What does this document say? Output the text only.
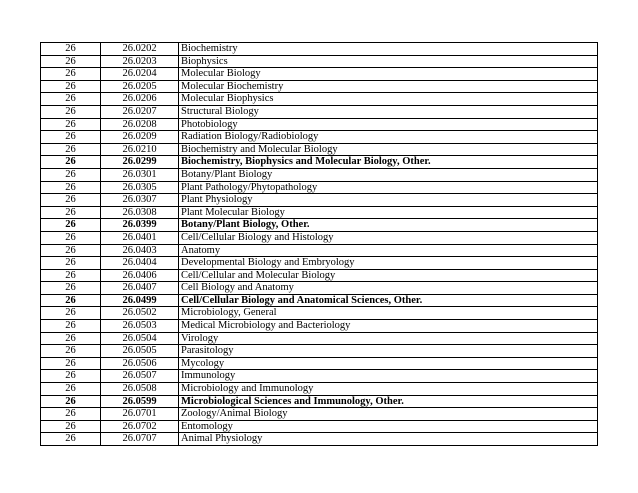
26	26.0202	Biochemistry
26	26.0203	Biophysics
26	26.0204	Molecular Biology
26	26.0205	Molecular Biochemistry
26	26.0206	Molecular Biophysics
26	26.0207	Structural Biology
26	26.0208	Photobiology
26	26.0209	Radiation Biology/Radiobiology
26	26.0210	Biochemistry and Molecular Biology
26	26.0299	Biochemistry, Biophysics and Molecular Biology, Other.
26	26.0301	Botany/Plant Biology
26	26.0305	Plant Pathology/Phytopathology
26	26.0307	Plant Physiology
26	26.0308	Plant Molecular Biology
26	26.0399	Botany/Plant Biology, Other.
26	26.0401	Cell/Cellular Biology and Histology
26	26.0403	Anatomy
26	26.0404	Developmental Biology and Embryology
26	26.0406	Cell/Cellular and Molecular Biology
26	26.0407	Cell Biology and Anatomy
26	26.0499	Cell/Cellular Biology and Anatomical Sciences, Other.
26	26.0502	Microbiology, General
26	26.0503	Medical Microbiology and Bacteriology
26	26.0504	Virology
26	26.0505	Parasitology
26	26.0506	Mycology
26	26.0507	Immunology
26	26.0508	Microbiology and Immunology
26	26.0599	Microbiological Sciences and Immunology, Other.
26	26.0701	Zoology/Animal Biology
26	26.0702	Entomology
26	26.0707	Animal Physiology
